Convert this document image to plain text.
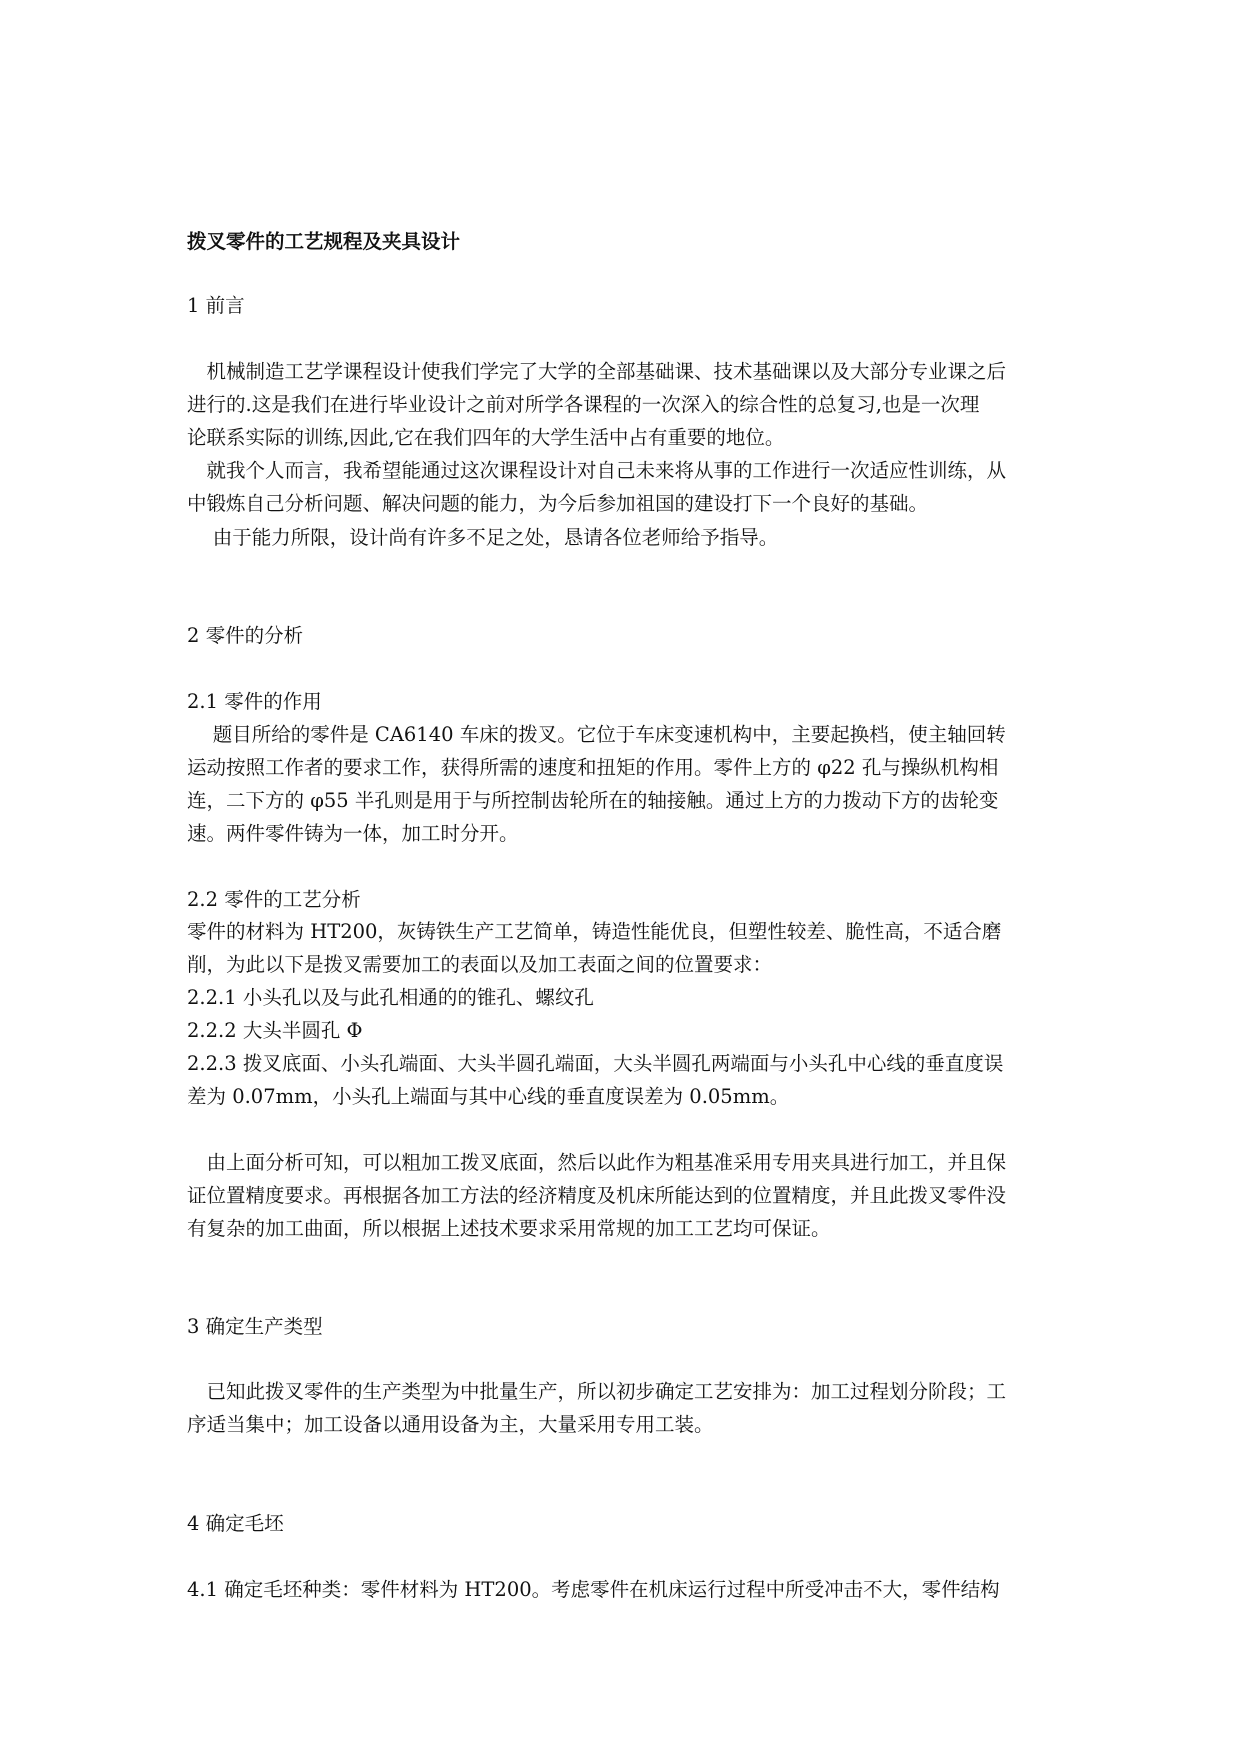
拨叉零件的工艺规程及夹具设计
1 前言
　机械制造工艺学课程设计使我们学完了大学的全部基础课、技术基础课以及大部分专业课之后
进行的.这是我们在进行毕业设计之前对所学各课程的一次深入的综合性的总复习,也是一次理
论联系实际的训练,因此,它在我们四年的大学生活中占有重要的地位。
　就我个人而言，我希望能通过这次课程设计对自己未来将从事的工作进行一次适应性训练，从
中锻炼自己分析问题、解决问题的能力，为今后参加祖国的建设打下一个良好的基础。
　 由于能力所限，设计尚有许多不足之处，恳请各位老师给予指导。
2 零件的分析
2.1 零件的作用
　 题目所给的零件是 CA6140 车床的拨叉。它位于车床变速机构中，主要起换档，使主轴回转
运动按照工作者的要求工作，获得所需的速度和扭矩的作用。零件上方的 φ22 孔与操纵机构相
连，二下方的 φ55 半孔则是用于与所控制齿轮所在的轴接触。通过上方的力拨动下方的齿轮变
速。两件零件铸为一体，加工时分开。
2.2 零件的工艺分析
零件的材料为 HT200，灰铸铁生产工艺简单，铸造性能优良，但塑性较差、脆性高，不适合磨
削，为此以下是拨叉需要加工的表面以及加工表面之间的位置要求：
2.2.1 小头孔以及与此孔相通的的锥孔、螺纹孔
2.2.2 大头半圆孔 Φ
2.2.3 拨叉底面、小头孔端面、大头半圆孔端面，大头半圆孔两端面与小头孔中心线的垂直度误
差为 0.07mm，小头孔上端面与其中心线的垂直度误差为 0.05mm。
　由上面分析可知，可以粗加工拨叉底面，然后以此作为粗基准采用专用夹具进行加工，并且保
证位置精度要求。再根据各加工方法的经济精度及机床所能达到的位置精度，并且此拨叉零件没
有复杂的加工曲面，所以根据上述技术要求采用常规的加工工艺均可保证。
3 确定生产类型
　已知此拨叉零件的生产类型为中批量生产，所以初步确定工艺安排为：加工过程划分阶段；工
序适当集中；加工设备以通用设备为主，大量采用专用工装。
4 确定毛坯
4.1 确定毛坯种类：零件材料为 HT200。考虑零件在机床运行过程中所受冲击不大，零件结构
